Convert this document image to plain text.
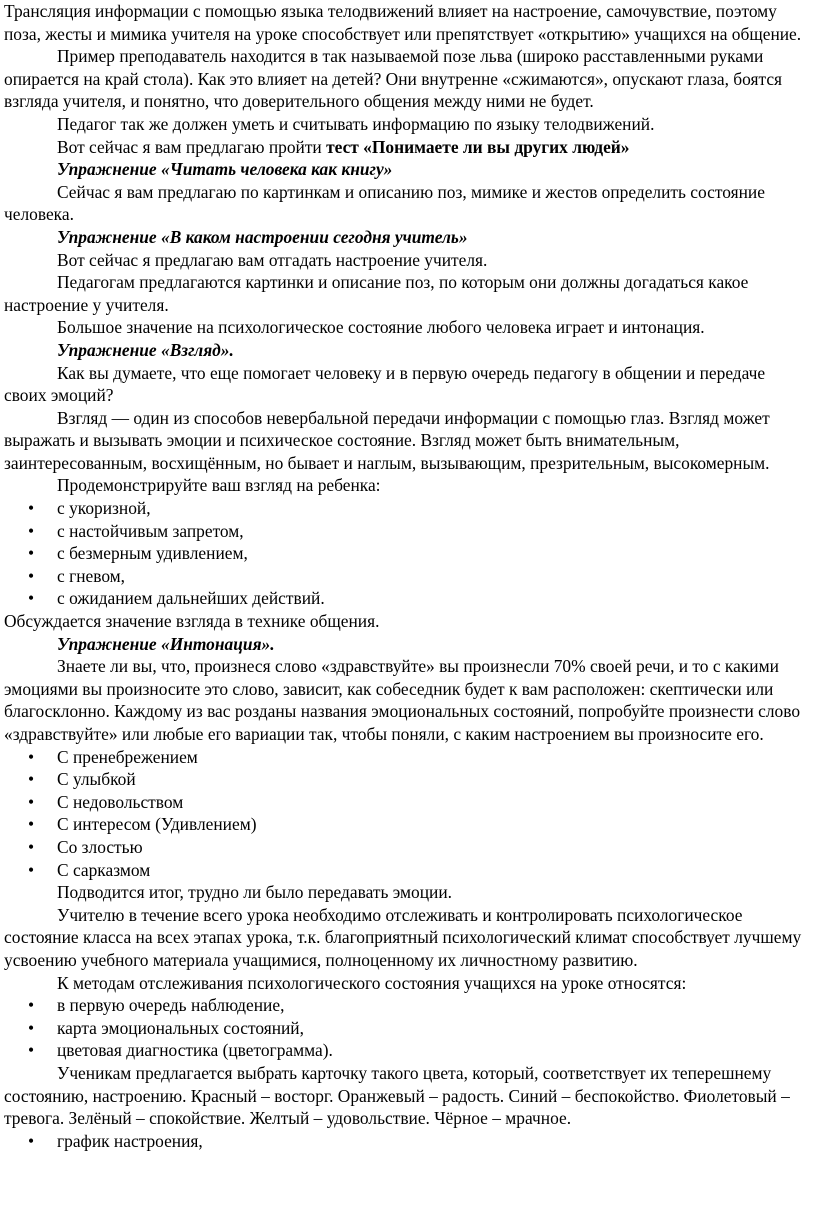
Трансляция информации с помощью языка телодвижений влияет на настроение, самочувствие, поэтому поза, жесты и мимика учителя на уроке способствует или препятствует «открытию» учащихся на общение.

Пример преподаватель находится в так называемой позе льва (широко расставленными руками опирается на край стола). Как это влияет на детей? Они внутренне «сжимаются», опускают глаза, боятся взгляда учителя, и понятно, что доверительного общения между ними не будет.

Педагог так же должен уметь и считывать информацию по языку телодвижений.

Вот сейчас я вам предлагаю пройти тест «Понимаете ли вы других людей»

Упражнение «Читать человека как книгу»

Сейчас я вам предлагаю по картинкам и описанию поз, мимике и жестов определить состояние человека.

Упражнение «В каком настроении сегодня учитель»

Вот сейчас я предлагаю вам отгадать настроение учителя.

Педагогам предлагаются картинки и описание поз, по которым они должны догадаться какое настроение у учителя.

Большое значение на психологическое состояние любого человека играет и интонация.

Упражнение «Взгляд».

Как вы думаете, что еще помогает человеку и в первую очередь педагогу в общении и передаче своих эмоций?

Взгляд — один из способов невербальной передачи информации с помощью глаз. Взгляд может выражать и вызывать эмоции и психическое состояние. Взгляд может быть внимательным, заинтересованным, восхищённым, но бывает и наглым, вызывающим, презрительным, высокомерным.

Продемонстрируйте ваш взгляд на ребенка:

• с укоризной,
• с настойчивым запретом,
• с безмерным удивлением,
• с гневом,
• с ожиданием дальнейших действий.

Обсуждается значение взгляда в технике общения.

Упражнение «Интонация».

Знаете ли вы, что, произнеся слово «здравствуйте» вы произнесли 70% своей речи, и то с какими эмоциями вы произносите это слово, зависит, как собеседник будет к вам расположен: скептически или благосклонно. Каждому из вас розданы названия эмоциональных состояний, попробуйте произнести слово «здравствуйте» или любые его вариации так, чтобы поняли, с каким настроением вы произносите его.

• С пренебрежением
• С улыбкой
• С недовольством
• С интересом (Удивлением)
• Со злостью
• С сарказмом

Подводится итог, трудно ли было передавать эмоции.

Учителю в течение всего урока необходимо отслеживать и контролировать психологическое состояние класса на всех этапах урока, т.к. благоприятный психологический климат способствует лучшему усвоению учебного материала учащимися, полноценному их личностному развитию.

К методам отслеживания психологического состояния учащихся на уроке относятся:

• в первую очередь наблюдение,
• карта эмоциональных состояний,
• цветовая диагностика (цветограмма).

Ученикам предлагается выбрать карточку такого цвета, который, соответствует их теперешнему состоянию, настроению. Красный – восторг. Оранжевый – радость. Синий – беспокойство. Фиолетовый – тревога. Зелёный – спокойствие. Желтый – удовольствие. Чёрное – мрачное.

• график настроения,
